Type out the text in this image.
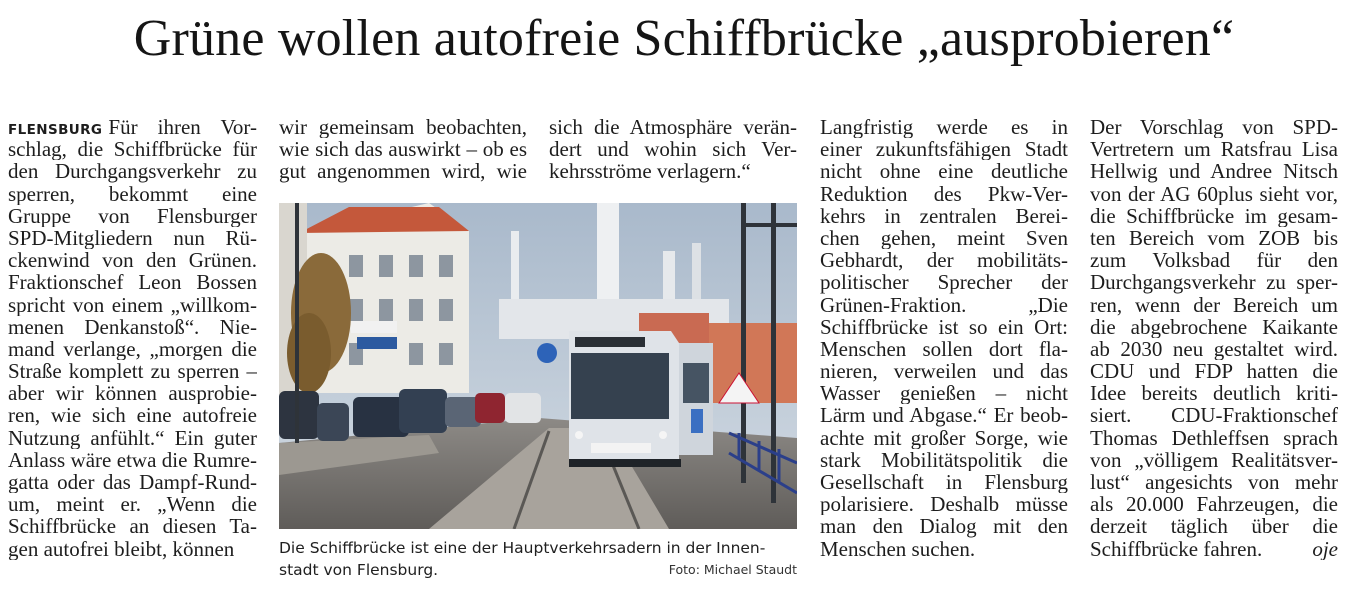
Grüne wollen autofreie Schiffbrücke „ausprobieren“
FLENSBURG Für ihren Vor-
schlag, die Schiffbrücke für
den Durchgangsverkehr zu
sperren, bekommt eine
Gruppe von Flensburger
SPD-Mitgliedern nun Rü-
ckenwind von den Grünen.
Fraktionschef Leon Bossen
spricht von einem „willkom-
menen Denkanstoß“. Nie-
mand verlange, „morgen die
Straße komplett zu sperren –
aber wir können ausprobie-
ren, wie sich eine autofreie
Nutzung anfühlt.“ Ein guter
Anlass wäre etwa die Rumre-
gatta oder das Dampf-Rund-
um, meint er. „Wenn die
Schiffbrücke an diesen Ta-
gen autofrei bleibt, können
wir gemeinsam beobachten,
wie sich das auswirkt – ob es
gut angenommen wird, wie
sich die Atmosphäre verän-
dert und wohin sich Ver-
kehrsströme verlagern.“
Langfristig werde es in
einer zukunftsfähigen Stadt
nicht ohne eine deutliche
Reduktion des Pkw-Ver-
kehrs in zentralen Berei-
chen gehen, meint Sven
Gebhardt, der mobilitäts-
politischer Sprecher der
Grünen-Fraktion. „Die
Schiffbrücke ist so ein Ort:
Menschen sollen dort fla-
nieren, verweilen und das
Wasser genießen – nicht
Lärm und Abgase.“ Er beob-
achte mit großer Sorge, wie
stark Mobilitätspolitik die
Gesellschaft in Flensburg
polarisiere. Deshalb müsse
man den Dialog mit den
Menschen suchen.
Der Vorschlag von SPD-
Vertretern um Ratsfrau Lisa
Hellwig und Andree Nitsch
von der AG 60plus sieht vor,
die Schiffbrücke im gesam-
ten Bereich vom ZOB bis
zum Volksbad für den
Durchgangsverkehr zu sper-
ren, wenn der Bereich um
die abgebrochene Kaikante
ab 2030 neu gestaltet wird.
CDU und FDP hatten die
Idee bereits deutlich kriti-
siert. CDU-Fraktionschef
Thomas Dethleffsen sprach
von „völligem Realitätsver-
lust“ angesichts von mehr
als 20.000 Fahrzeugen, die
derzeit täglich über die
Schiffbrücke fahren. oje
Die Schiffbrücke ist eine der Hauptverkehrsadern in der Innen-
stadt von Flensburg.	Foto: Michael Staudt
